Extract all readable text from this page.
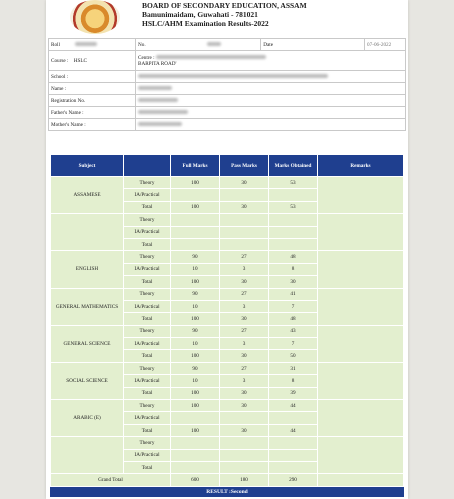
BOARD OF SECONDARY EDUCATION, ASSAM
Bamunimaidam, Guwahati - 781021
HSLC/AHM Examination Results-2022
Roll	No.	Date	07-06-2022
Course : HSLC	Centre :
BARPITA ROAD'		
School :			
Name :			
Registration No.			
Father's Name :			
Mother's Name :			
Subject		Full Marks	Pass Marks	Marks Obtained	Remarks
ASSAMESE	Theory	100	30	53	
	IA/Practical				
	Total	100	30	53	
	Theory				
	IA/Practical				
	Total				
ENGLISH	Theory	90	27	48	
	IA/Practical	10	3	8	
	Total	100	30	30	
GENERAL MATHEMATICS	Theory	90	27	41	
	IA/Practical	10	3	7	
	Total	100	30	48	
GENERAL SCIENCE	Theory	90	27	43	
	IA/Practical	10	3	7	
	Total	100	30	50	
SOCIAL SCIENCE	Theory	90	27	31	
	IA/Practical	10	3	8	
	Total	100	30	39	
ARABIC (E)	Theory	100	30	44	
	IA/Practical				
	Total	100	30	44	
	Theory				
	IA/Practical				
	Total				
Grand Total		600	180	290	
RESULT :Second
